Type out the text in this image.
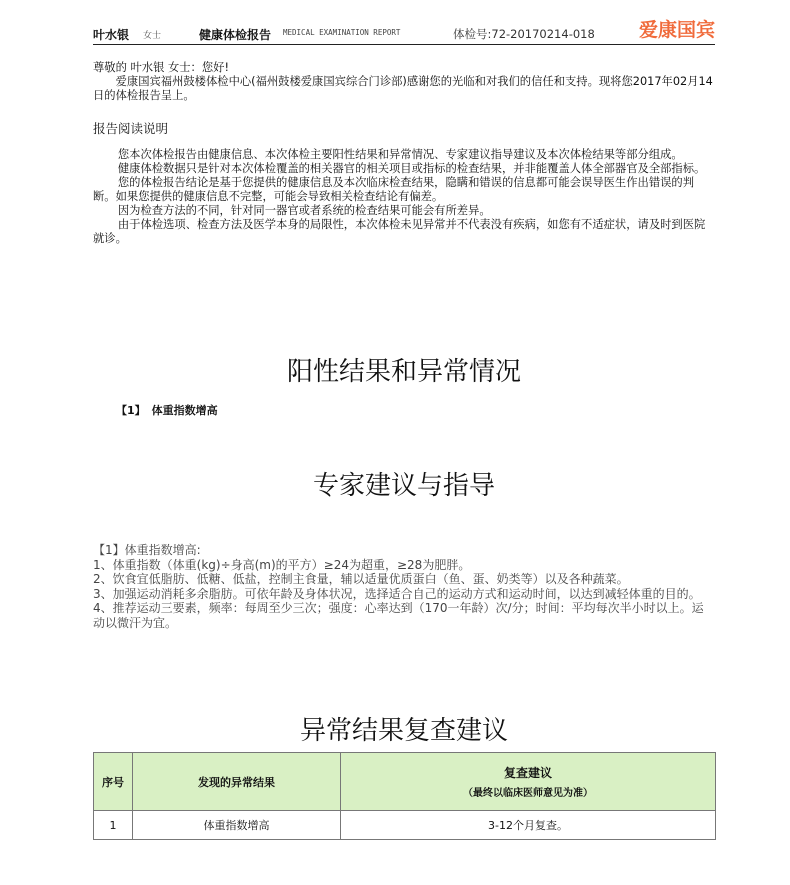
叶水银 女士	健康体检报告 MEDICAL EXAMINATION REPORT	体检号:72-20170214-018 爱康国宾

尊敬的 叶水银 女士：您好!

　　爱康国宾福州鼓楼体检中心(福州鼓楼爱康国宾综合门诊部)感谢您的光临和对我们的信任和支持。现将您2017年02月14日的体检报告呈上。

报告阅读说明

您本次体检报告由健康信息、本次体检主要阳性结果和异常情况、专家建议指导建议及本次体检结果等部分组成。

健康体检数据只是针对本次体检覆盖的相关器官的相关项目或指标的检查结果，并非能覆盖人体全部器官及全部指标。

您的体检报告结论是基于您提供的健康信息及本次临床检查结果，隐瞒和错误的信息都可能会误导医生作出错误的判断。如果您提供的健康信息不完整，可能会导致相关检查结论有偏差。

因为检查方法的不同，针对同一器官或者系统的检查结果可能会有所差异。

由于体检选项、检查方法及医学本身的局限性，本次体检未见异常并不代表没有疾病，如您有不适症状，请及时到医院就诊。

阳性结果和异常情况

【1】 体重指数增高

专家建议与指导
【1】体重指数增高:
1、体重指数（体重(kg)÷身高(m)的平方）≥24为超重，≥28为肥胖。
2、饮食宜低脂肪、低糖、低盐，控制主食量，辅以适量优质蛋白（鱼、蛋、奶类等）以及各种蔬菜。
3、加强运动消耗多余脂肪。可依年龄及身体状况，选择适合自己的运动方式和运动时间，以达到减轻体重的目的。
4、推荐运动三要素，频率：每周至少三次；强度：心率达到（170一年龄）次/分；时间：平均每次半小时以上。运动以微汗为宜。
异常结果复查建议
序号	发现的异常结果	复查建议
（最终以临床医师意见为准）

1	体重指数增高	3-12个月复查。
